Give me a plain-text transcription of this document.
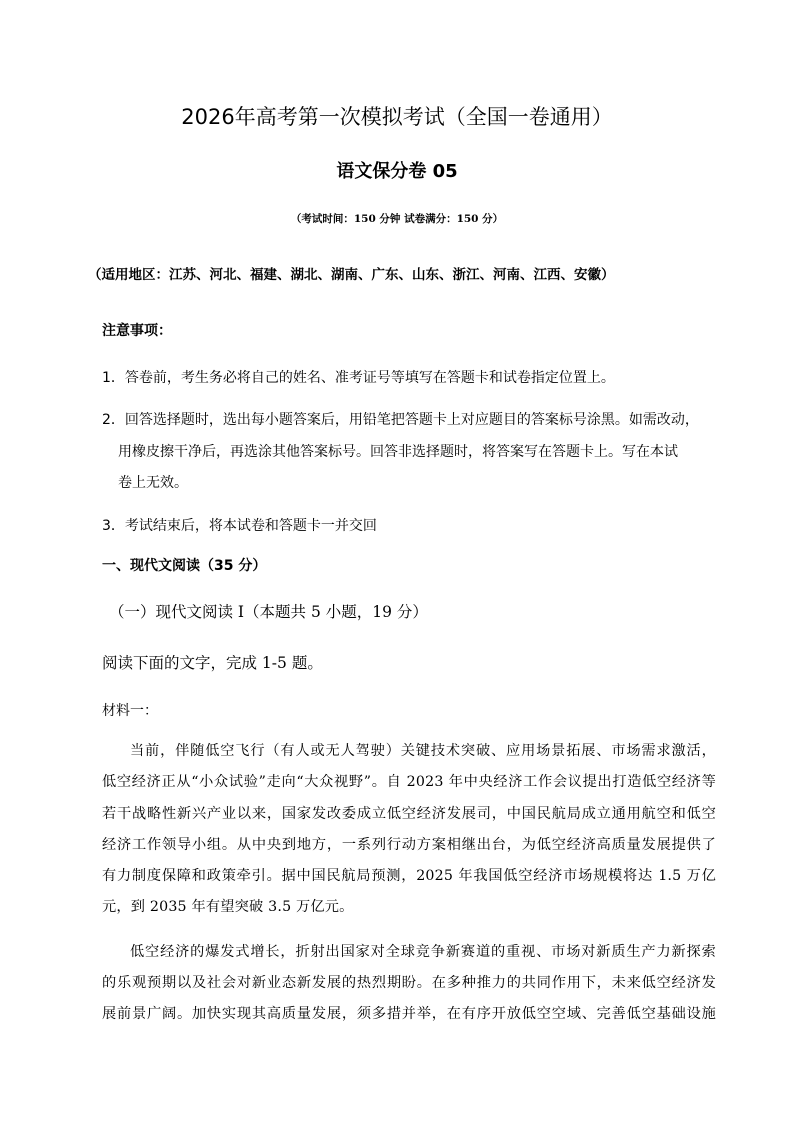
2026年高考第一次模拟考试（全国一卷通用）
语文保分卷 05
（考试时间：150 分钟 试卷满分：150 分）
（适用地区：江苏、河北、福建、湖北、湖南、广东、山东、浙江、河南、江西、安徽）
注意事项：
1．答卷前，考生务必将自己的姓名、准考证号等填写在答题卡和试卷指定位置上。
2．回答选择题时，选出每小题答案后，用铅笔把答题卡上对应题目的答案标号涂黑。如需改动，
用橡皮擦干净后，再选涂其他答案标号。回答非选择题时，将答案写在答题卡上。写在本试
卷上无效。
3．考试结束后，将本试卷和答题卡一并交回
一、现代文阅读（35 分）
（一）现代文阅读 I（本题共 5 小题，19 分）
阅读下面的文字，完成 1-5 题。
材料一：
当前，伴随低空飞行（有人或无人驾驶）关键技术突破、应用场景拓展、市场需求激活，
低空经济正从“小众试验”走向“大众视野”。自 2023 年中央经济工作会议提出打造低空经济等
若干战略性新兴产业以来，国家发改委成立低空经济发展司，中国民航局成立通用航空和低空
经济工作领导小组。从中央到地方，一系列行动方案相继出台，为低空经济高质量发展提供了
有力制度保障和政策牵引。据中国民航局预测，2025 年我国低空经济市场规模将达 1.5 万亿
元，到 2035 年有望突破 3.5 万亿元。
低空经济的爆发式增长，折射出国家对全球竞争新赛道的重视、市场对新质生产力新探索
的乐观预期以及社会对新业态新发展的热烈期盼。在多种推力的共同作用下，未来低空经济发
展前景广阔。加快实现其高质量发展，须多措并举，在有序开放低空空域、完善低空基础设施
